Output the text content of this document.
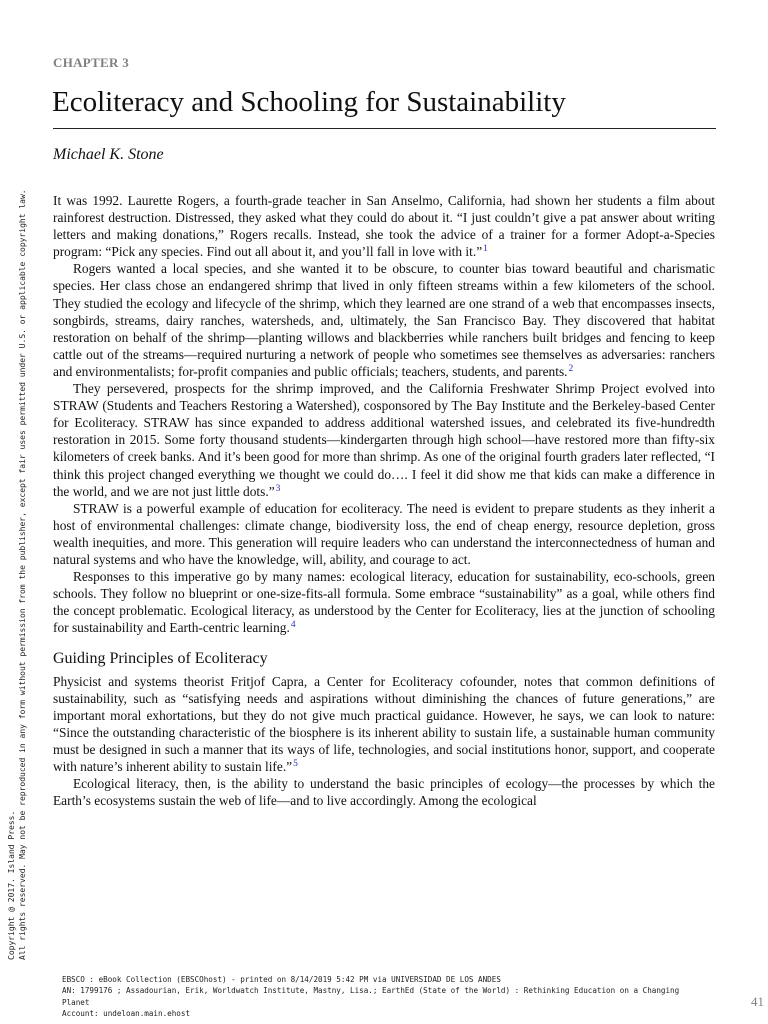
CHAPTER 3
Ecoliteracy and Schooling for Sustainability
Michael K. Stone

It was 1992. Laurette Rogers, a fourth-grade teacher in San Anselmo, California, had shown her students a film about rainforest destruction. Distressed, they asked what they could do about it. “I just couldn’t give a pat answer about writing letters and making donations,” Rogers recalls. Instead, she took the advice of a trainer for a former Adopt-a-Species program: “Pick any species. Find out all about it, and you’ll fall in love with it.”$^1$

Rogers wanted a local species, and she wanted it to be obscure, to counter bias toward beautiful and charismatic species. Her class chose an endangered shrimp that lived in only fifteen streams within a few kilometers of the school. They studied the ecology and lifecycle of the shrimp, which they learned are one strand of a web that encompasses insects, songbirds, streams, dairy ranches, watersheds, and, ultimately, the San Francisco Bay. They discovered that habitat restoration on behalf of the shrimp—planting willows and blackberries while ranchers built bridges and fencing to keep cattle out of the streams—required nurturing a network of people who sometimes see themselves as adversaries: ranchers and environmentalists; for-profit companies and public officials; teachers, students, and parents.$^2$

They persevered, prospects for the shrimp improved, and the California Freshwater Shrimp Project evolved into STRAW (Students and Teachers Restoring a Watershed), cosponsored by The Bay Institute and the Berkeley-based Center for Ecoliteracy. STRAW has since expanded to address additional watershed issues, and celebrated its five-hundredth restoration in 2015. Some forty thousand students—kindergarten through high school—have restored more than fifty-six kilometers of creek banks. And it’s been good for more than shrimp. As one of the original fourth graders later reflected, “I think this project changed everything we thought we could do…. I feel it did show me that kids can make a difference in the world, and we are not just little dots.”$^3$

STRAW is a powerful example of education for ecoliteracy. The need is evident to prepare students as they inherit a host of environmental challenges: climate change, biodiversity loss, the end of cheap energy, resource depletion, gross wealth inequities, and more. This generation will require leaders who can understand the interconnectedness of human and natural systems and who have the knowledge, will, ability, and courage to act.

Responses to this imperative go by many names: ecological literacy, education for sustainability, eco-schools, green schools. They follow no blueprint or one-size-fits-all formula. Some embrace “sustainability” as a goal, while others find the concept problematic. Ecological literacy, as understood by the Center for Ecoliteracy, lies at the junction of schooling for sustainability and Earth-centric learning.$^4$

Guiding Principles of Ecoliteracy

Physicist and systems theorist Fritjof Capra, a Center for Ecoliteracy cofounder, notes that common definitions of sustainability, such as “satisfying needs and aspirations without diminishing the chances of future generations,” are important moral exhortations, but they do not give much practical guidance. However, he says, we can look to nature: “Since the outstanding characteristic of the biosphere is its inherent ability to sustain life, a sustainable human community must be designed in such a manner that its ways of life, technologies, and social institutions honor, support, and cooperate with nature’s inherent ability to sustain life.”$^5$

Ecological literacy, then, is the ability to understand the basic principles of ecology—the processes by which the Earth’s ecosystems sustain the web of life—and to live accordingly. Among the ecological

Copyright @ 2017. Island Press. All rights reserved. May not be reproduced in any form without permission from the publisher, except fair uses permitted under U.S. or applicable copyright law.
EBSCO : eBook Collection (EBSCOhost) - printed on 8/14/2019 5:42 PM via UNIVERSIDAD DE LOS ANDES
AN: 1799176 ; Assadourian, Erik, Worldwatch Institute, Mastny, Lisa.; EarthEd (State of the World) : Rethinking Education on a Changing Planet
Account: undeloan.main.ehost
41
